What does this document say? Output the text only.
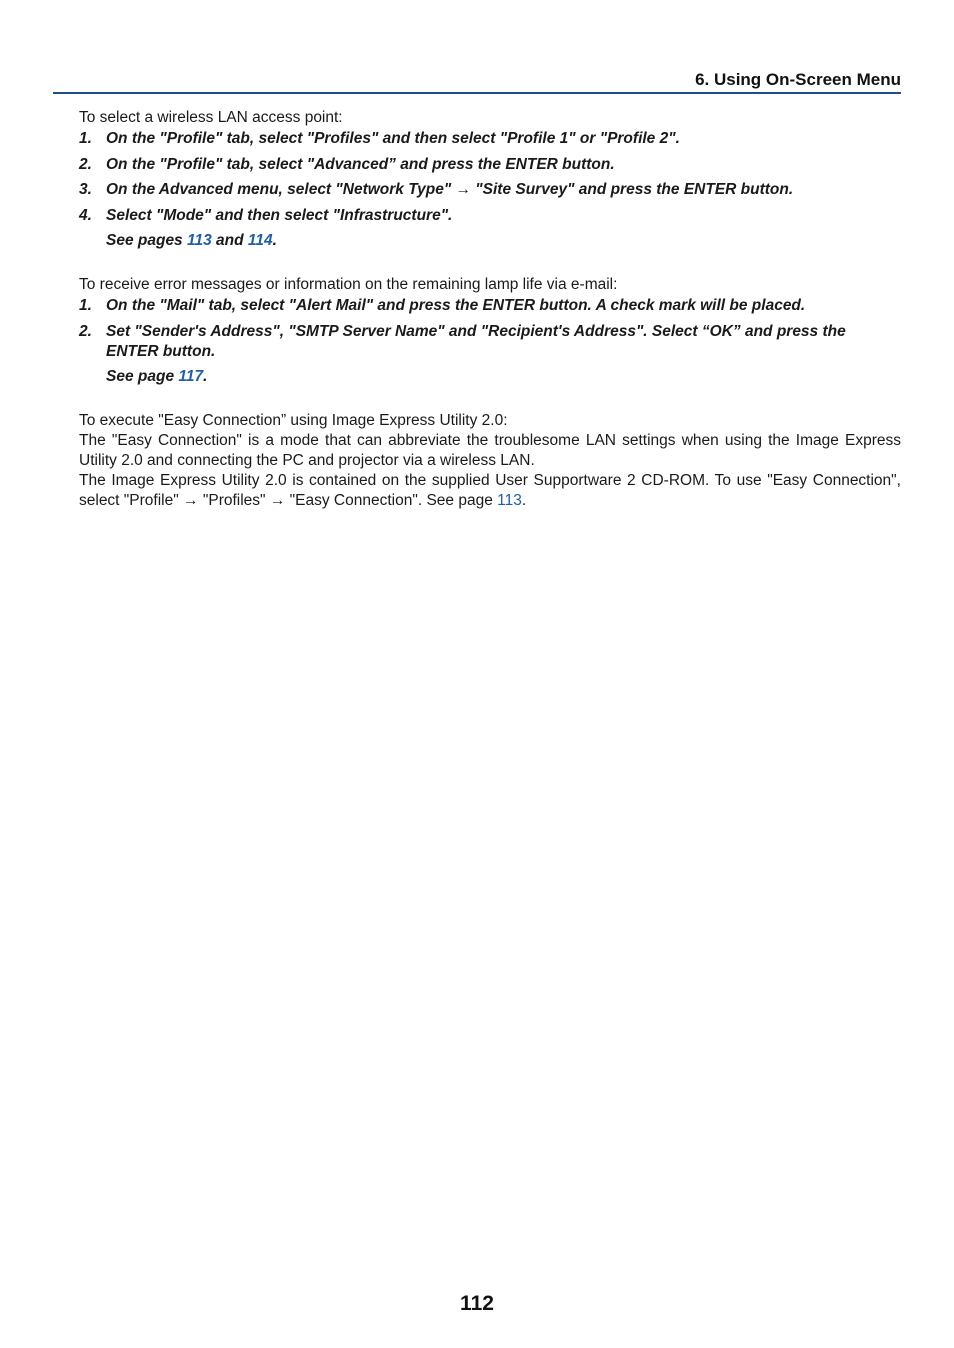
6. Using On-Screen Menu

To select a wireless LAN access point:

1. On the "Profile" tab, select "Profiles" and then select "Profile 1" or "Profile 2".
2. On the "Profile" tab, select "Advanced” and press the ENTER button.
3. On the Advanced menu, select "Network Type" → "Site Survey" and press the ENTER button.
4. Select "Mode" and then select "Infrastructure".

See pages 113 and 114.

To receive error messages or information on the remaining lamp life via e-mail:

1. On the "Mail" tab, select "Alert Mail" and press the ENTER button. A check mark will be placed.
2. Set "Sender's Address", "SMTP Server Name" and "Recipient's Address". Select “OK” and press the ENTER button.

See page 117.

To execute "Easy Connection” using Image Express Utility 2.0:

The "Easy Connection" is a mode that can abbreviate the troublesome LAN settings when using the Image Express Utility 2.0 and connecting the PC and projector via a wireless LAN.

The Image Express Utility 2.0 is contained on the supplied User Supportware 2 CD-ROM. To use "Easy Connection", select "Profile" → "Profiles" → "Easy Connection". See page 113.

112
